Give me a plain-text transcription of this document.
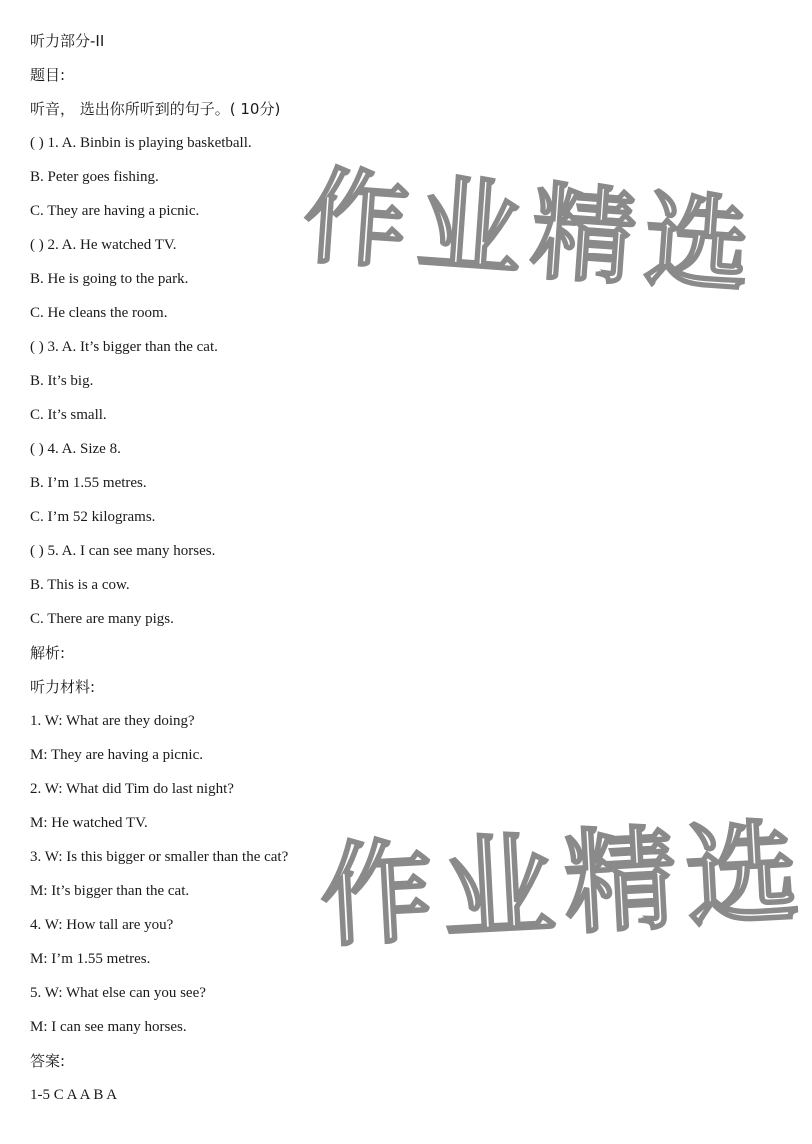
听力部分-II
题目:
听音， 选出你所听到的句子。( 10分)
( ) 1. A. Binbin is playing basketball.
B. Peter goes fishing.
C. They are having a picnic.
( ) 2. A. He watched TV.
B. He is going to the park.
C. He cleans the room.
( ) 3. A. It’s bigger than the cat.
B. It’s big.
C. It’s small.
( ) 4. A. Size 8.
B. I’m 1.55 metres.
C. I’m 52 kilograms.
( ) 5. A. I can see many horses.
B. This is a cow.
C. There are many pigs.
解析:
听力材料:
1. W: What are they doing?
M: They are having a picnic.
2. W: What did Tim do last night?
M: He watched TV.
3. W: Is this bigger or smaller than the cat?
M: It’s bigger than the cat.
4. W: How tall are you?
M: I’m 1.55 metres.
5. W: What else can you see?
M: I can see many horses.
答案:
1-5 C A A B A
作业精选
作业精选
